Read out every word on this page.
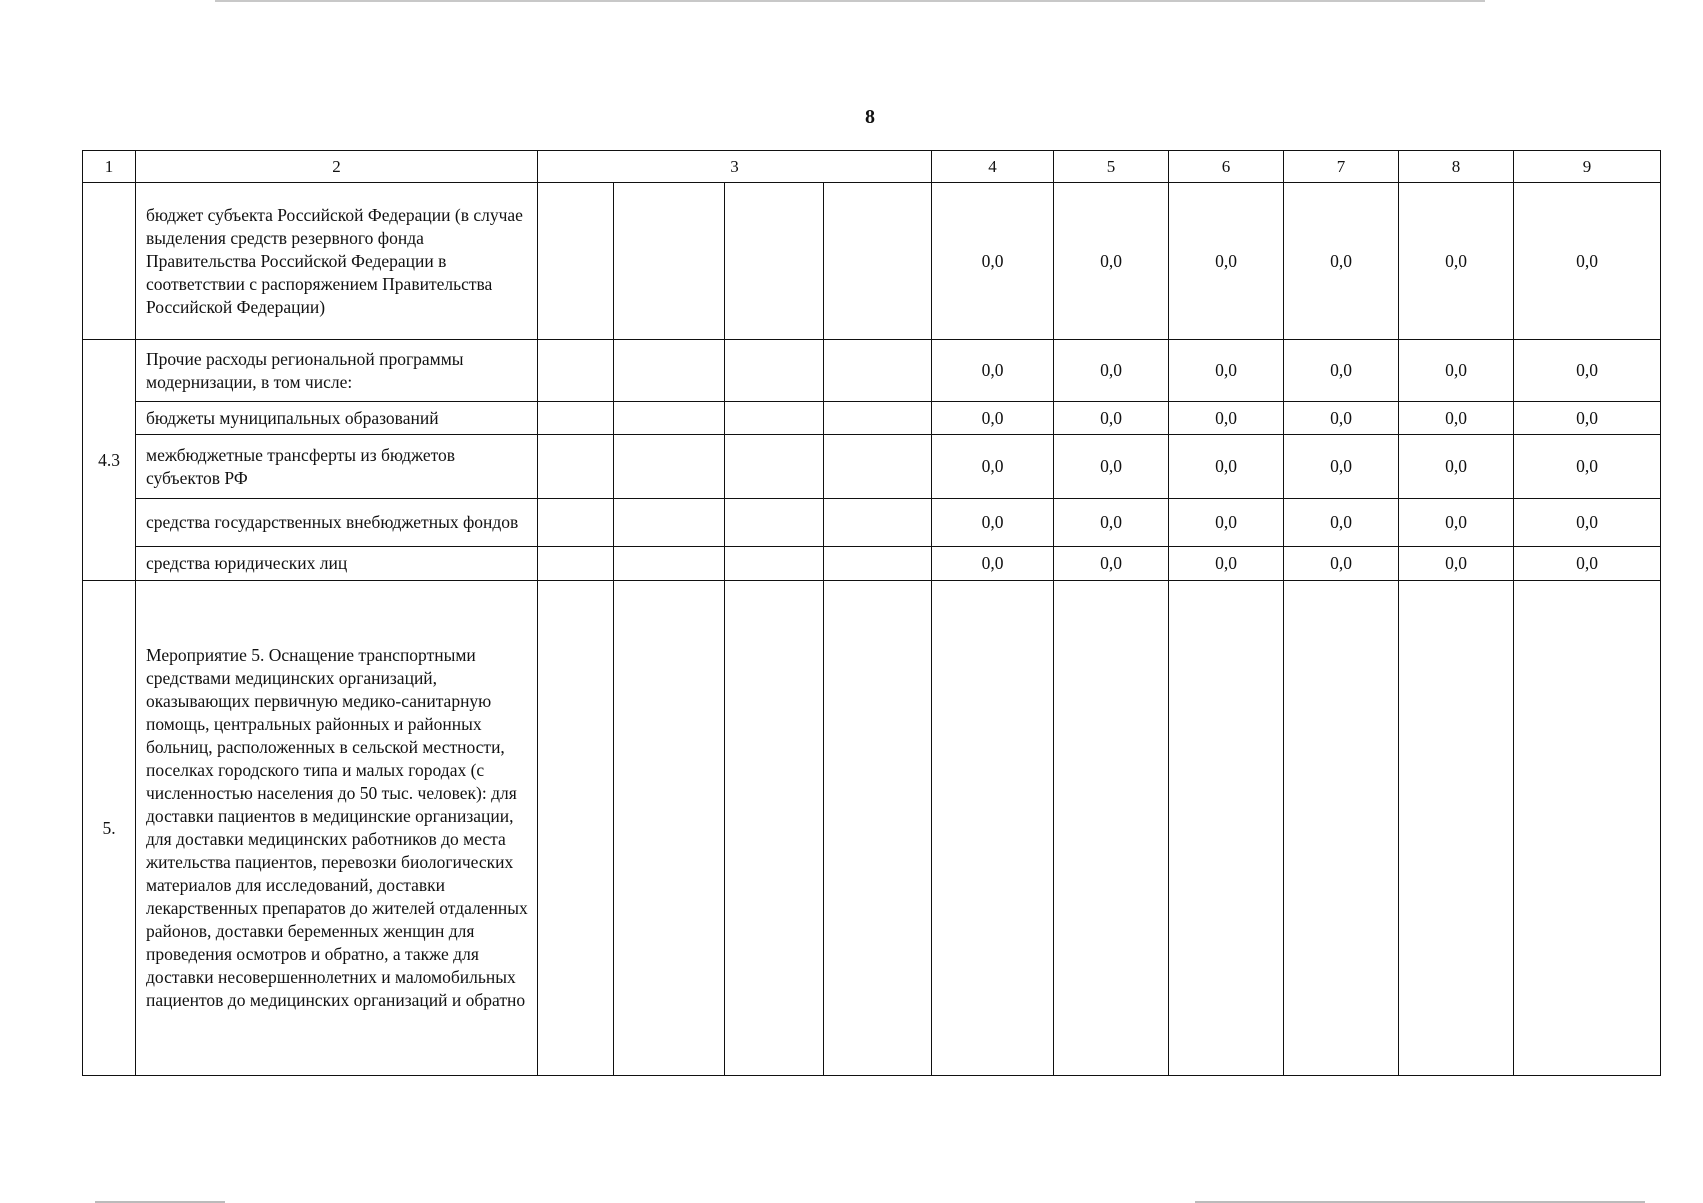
8
1	2	3				4	5	6	7	8	9
	бюджет субъекта Российской Федерации (в случае выделения средств резервного фонда Правительства Российской Федерации в соответствии с распоряжением Правительства Российской Федерации)					0,0	0,0	0,0	0,0	0,0	0,0
4.3	Прочие расходы региональной программы модернизации, в том числе:					0,0	0,0	0,0	0,0	0,0	0,0
	бюджеты муниципальных образований					0,0	0,0	0,0	0,0	0,0	0,0
	межбюджетные трансферты из бюджетов субъектов РФ					0,0	0,0	0,0	0,0	0,0	0,0
	средства государственных внебюджетных фондов					0,0	0,0	0,0	0,0	0,0	0,0
	средства юридических лиц					0,0	0,0	0,0	0,0	0,0	0,0
5.	Мероприятие 5. Оснащение транспортными средствами медицинских организаций, оказывающих первичную медико-санитарную помощь, центральных районных и районных больниц, расположенных в сельской местности, поселках городского типа и малых городах (с численностью населения до 50 тыс. человек): для доставки пациентов в медицинские организации, для доставки медицинских работников до места жительства пациентов, перевозки биологических материалов для исследований, доставки лекарственных препаратов до жителей отдаленных районов, доставки беременных женщин для проведения осмотров и обратно, а также для доставки несовершеннолетних и маломобильных пациентов до медицинских организаций и обратно										
